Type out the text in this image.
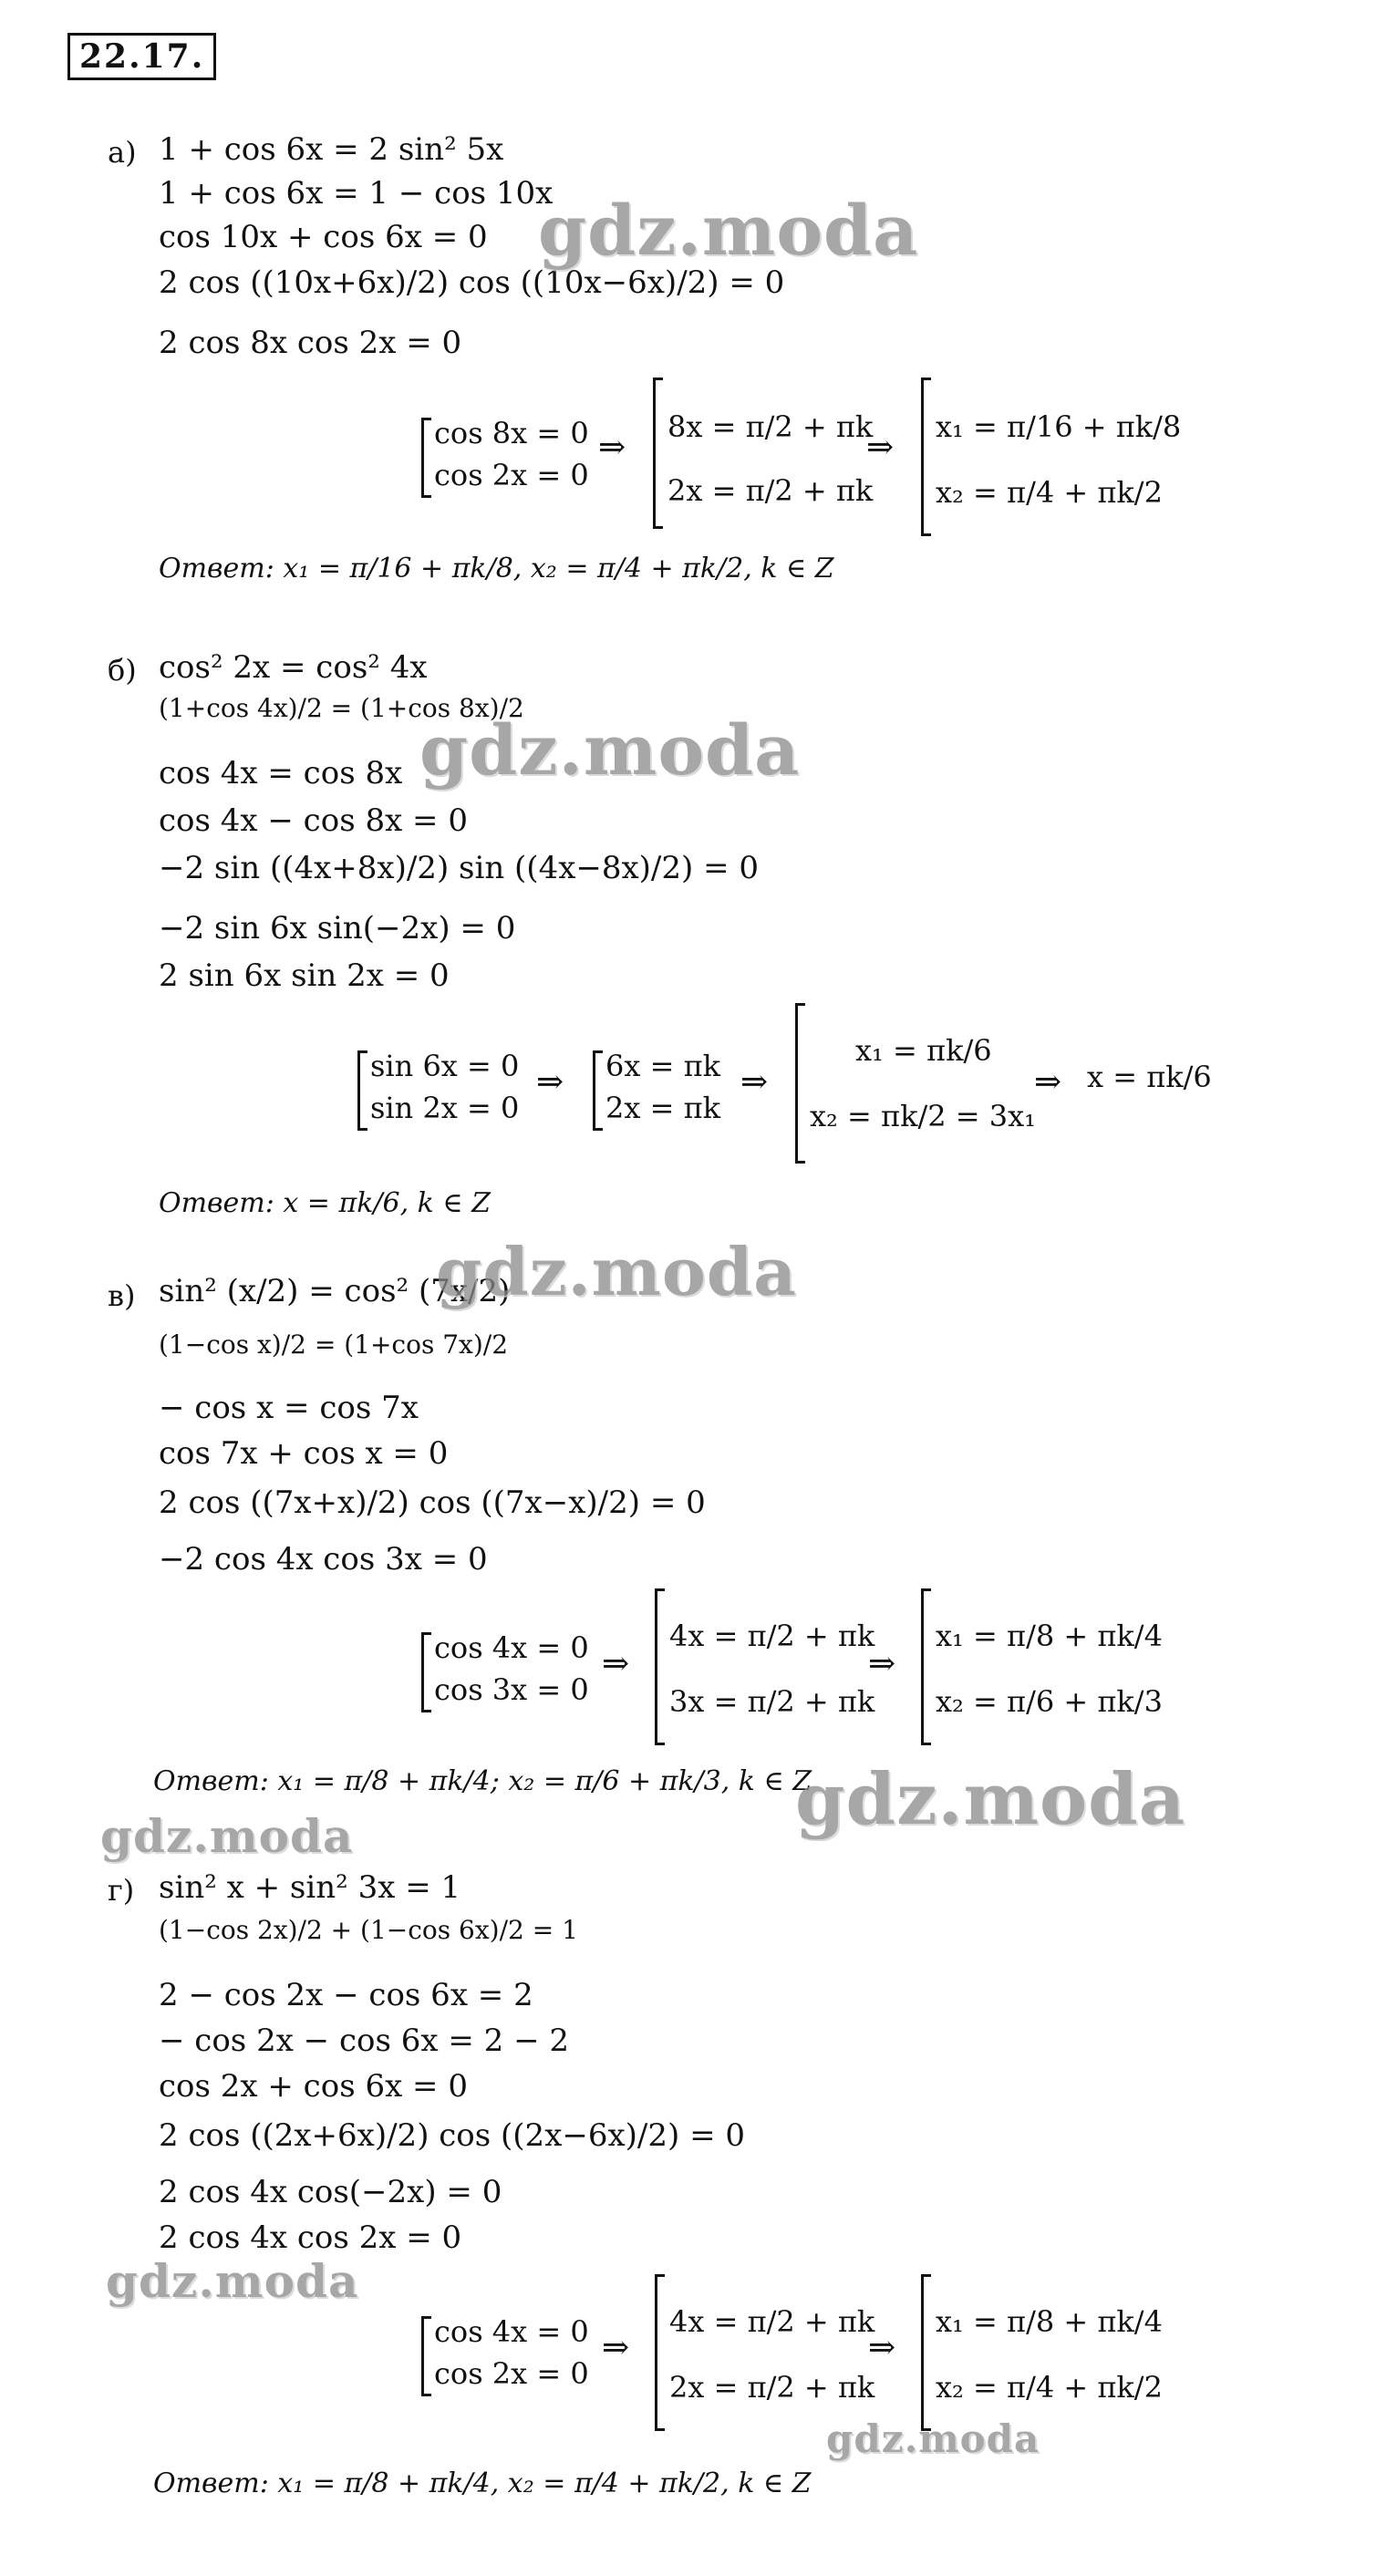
22.17.
а) 1 + cos 6x = 2 sin² 5x
1 + cos 6x = 1 − cos 10x
cos 10x + cos 6x = 0
2 cos ((10x+6x)/2) cos ((10x−6x)/2) = 0
2 cos 8x cos 2x = 0
cos 8x = 0
cos 2x = 0
⇒
8x = π/2 + πk
2x = π/2 + πk
⇒
x₁ = π/16 + πk/8
x₂ = π/4 + πk/2
Ответ: x₁ = π/16 + πk/8, x₂ = π/4 + πk/2, k ∈ Z
б) cos² 2x = cos² 4x
(1+cos 4x)/2 = (1+cos 8x)/2
cos 4x = cos 8x
cos 4x − cos 8x = 0
−2 sin ((4x+8x)/2) sin ((4x−8x)/2) = 0
−2 sin 6x sin(−2x) = 0
2 sin 6x sin 2x = 0
sin 6x = 0
sin 2x = 0
⇒ 6x = πk
2x = πk
⇒
x₁ = πk/6
x₂ = πk/2 = 3x₁
⇒ x = πk/6
Ответ: x = πk/6, k ∈ Z
в) sin² (x/2) = cos² (7x/2)
(1−cos x)/2 = (1+cos 7x)/2
− cos x = cos 7x
cos 7x + cos x = 0
2 cos ((7x+x)/2) cos ((7x−x)/2) = 0
−2 cos 4x cos 3x = 0
cos 4x = 0
cos 3x = 0
⇒
4x = π/2 + πk
3x = π/2 + πk
⇒
x₁ = π/8 + πk/4
x₂ = π/6 + πk/3
Ответ: x₁ = π/8 + πk/4; x₂ = π/6 + πk/3, k ∈ Z
г) sin² x + sin² 3x = 1
(1−cos 2x)/2 + (1−cos 6x)/2 = 1
2 − cos 2x − cos 6x = 2
− cos 2x − cos 6x = 2 − 2
cos 2x + cos 6x = 0
2 cos ((2x+6x)/2) cos ((2x−6x)/2) = 0
2 cos 4x cos(−2x) = 0
2 cos 4x cos 2x = 0
cos 4x = 0
cos 2x = 0
⇒
4x = π/2 + πk
2x = π/2 + πk
⇒
x₁ = π/8 + πk/4
x₂ = π/4 + πk/2
Ответ: x₁ = π/8 + πk/4, x₂ = π/4 + πk/2, k ∈ Z
gdz.moda
gdz.moda
gdz.moda
gdz.moda
gdz.moda
gdz.moda
gdz.moda
